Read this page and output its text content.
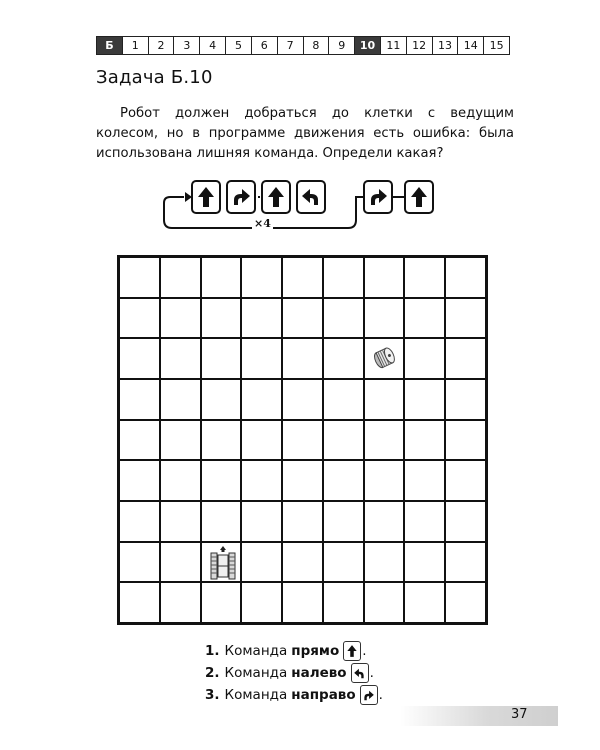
Б	1	2	3	4	5	6	7	8	9	10	11	12	13	14	15
Задача Б.10
Робот должен добраться до клетки с ведущим колесом, но в программе движения есть ошибка: была использована лишняя команда. Определи какая?
×4
1. Команда прямо .
2. Команда налево .
3. Команда направо .
37
